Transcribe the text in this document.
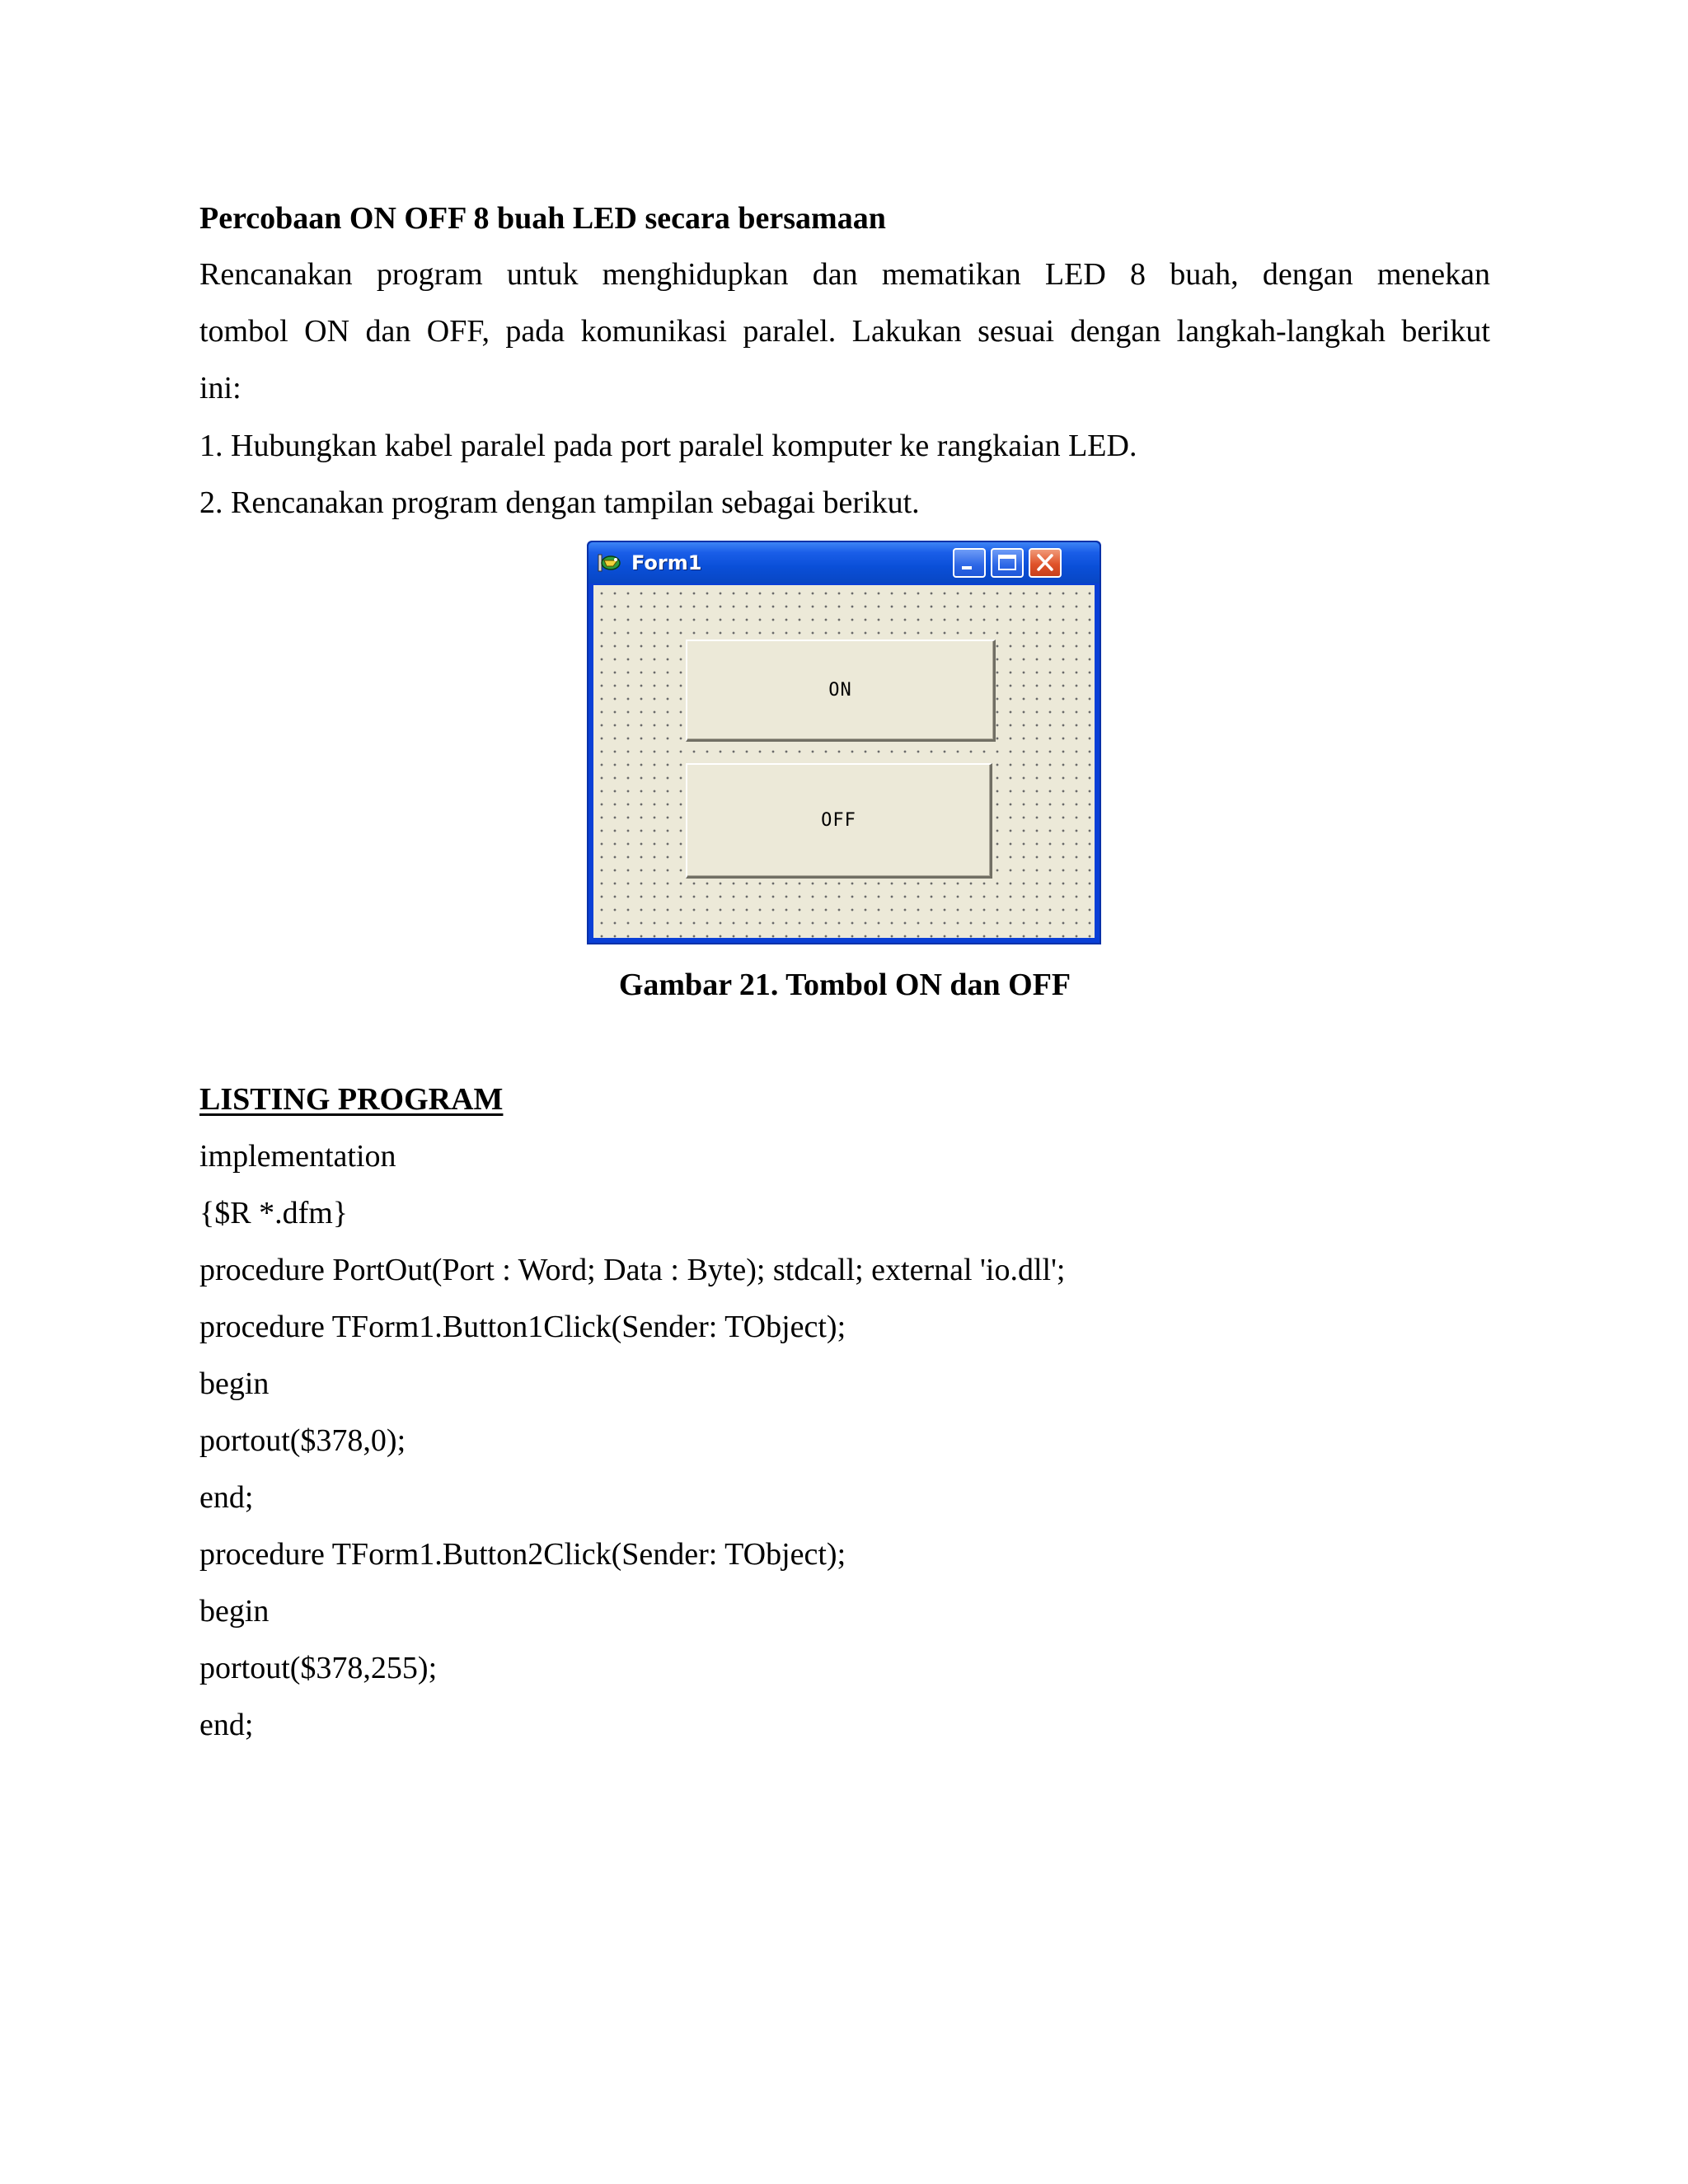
Percobaan ON OFF 8 buah LED secara bersamaan
Rencanakan program untuk menghidupkan dan mematikan LED 8 buah, dengan menekan
tombol ON dan OFF, pada komunikasi paralel. Lakukan sesuai dengan langkah-langkah berikut
ini:
1. Hubungkan kabel paralel pada port paralel komputer ke rangkaian LED.
2. Rencanakan program dengan tampilan sebagai berikut.
Gambar 21. Tombol ON dan OFF
LISTING PROGRAM
implementation
{$R *.dfm}
procedure PortOut(Port : Word; Data : Byte); stdcall; external 'io.dll';
procedure TForm1.Button1Click(Sender: TObject);
begin
portout($378,0);
end;
procedure TForm1.Button2Click(Sender: TObject);
begin
portout($378,255);
end;
Form1
ON
OFF
